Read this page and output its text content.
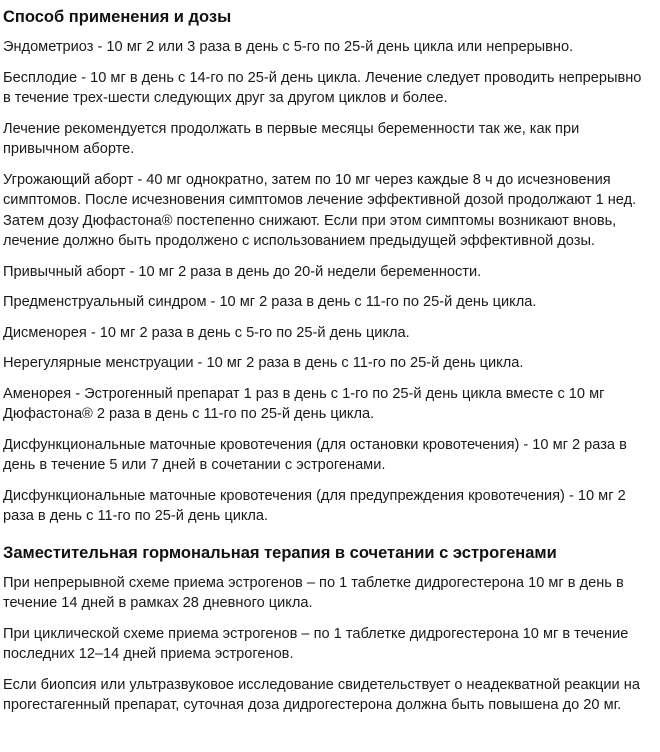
Способ применения и дозы

Эндометриоз - 10 мг 2 или 3 раза в день с 5-го по 25-й день цикла или непрерывно.

Бесплодие - 10 мг в день с 14-го по 25-й день цикла. Лечение следует проводить непрерывно в течение трех-шести следующих друг за другом циклов и более.

Лечение рекомендуется продолжать в первые месяцы беременности так же, как при привычном аборте.

Угрожающий аборт - 40 мг однократно, затем по 10 мг через каждые 8 ч до исчезновения симптомов. После исчезновения симптомов лечение эффективной дозой продолжают 1 нед. Затем дозу Дюфастона® постепенно снижают. Если при этом симптомы возникают вновь, лечение должно быть продолжено с использованием предыдущей эффективной дозы.

Привычный аборт - 10 мг 2 раза в день до 20-й недели беременности.

Предменструальный синдром - 10 мг 2 раза в день с 11-го по 25-й день цикла.

Дисменорея - 10 мг 2 раза в день с 5-го по 25-й день цикла.

Нерегулярные менструации - 10 мг 2 раза в день с 11-го по 25-й день цикла.

Аменорея - Эстрогенный препарат 1 раз в день с 1-го по 25-й день цикла вместе с 10 мг Дюфастона® 2 раза в день с 11-го по 25-й день цикла.

Дисфункциональные маточные кровотечения (для остановки кровотечения) - 10 мг 2 раза в день в течение 5 или 7 дней в сочетании с эстрогенами.

Дисфункциональные маточные кровотечения (для предупреждения кровотечения) - 10 мг 2 раза в день с 11-го по 25-й день цикла.

Заместительная гормональная терапия в сочетании с эстрогенами

При непрерывной схеме приема эстрогенов – по 1 таблетке дидрогестерона 10 мг в день в течение 14 дней в рамках 28 дневного цикла.

При циклической схеме приема эстрогенов – по 1 таблетке дидрогестерона 10 мг в течение последних 12–14 дней приема эстрогенов.

Если биопсия или ультразвуковое исследование свидетельствует о неадекватной реакции на прогестагенный препарат, суточная доза дидрогестерона должна быть повышена до 20 мг.
